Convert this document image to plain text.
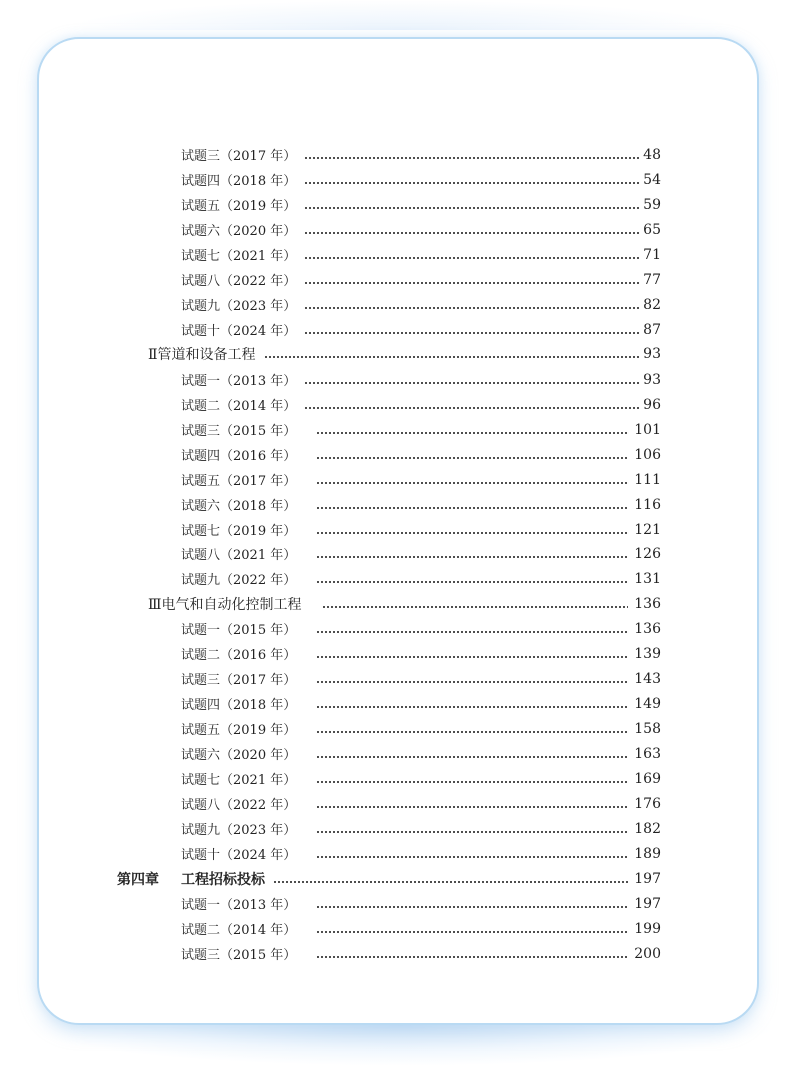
试题三（2017 年）	48
试题四（2018 年）	54
试题五（2019 年）	59
试题六（2020 年）	65
试题七（2021 年）	71
试题八（2022 年）	77
试题九（2023 年）	82
试题十（2024 年）	87
Ⅱ管道和设备工程	93
试题一（2013 年）	93
试题二（2014 年）	96
试题三（2015 年）	101
试题四（2016 年）	106
试题五（2017 年）	111
试题六（2018 年）	116
试题七（2019 年）	121
试题八（2021 年）	126
试题九（2022 年）	131
Ⅲ电气和自动化控制工程	136
试题一（2015 年）	136
试题二（2016 年）	139
试题三（2017 年）	143
试题四（2018 年）	149
试题五（2019 年）	158
试题六（2020 年）	163
试题七（2021 年）	169
试题八（2022 年）	176
试题九（2023 年）	182
试题十（2024 年）	189
第四章 工程招标投标	197
试题一（2013 年）	197
试题二（2014 年）	199
试题三（2015 年）	200
